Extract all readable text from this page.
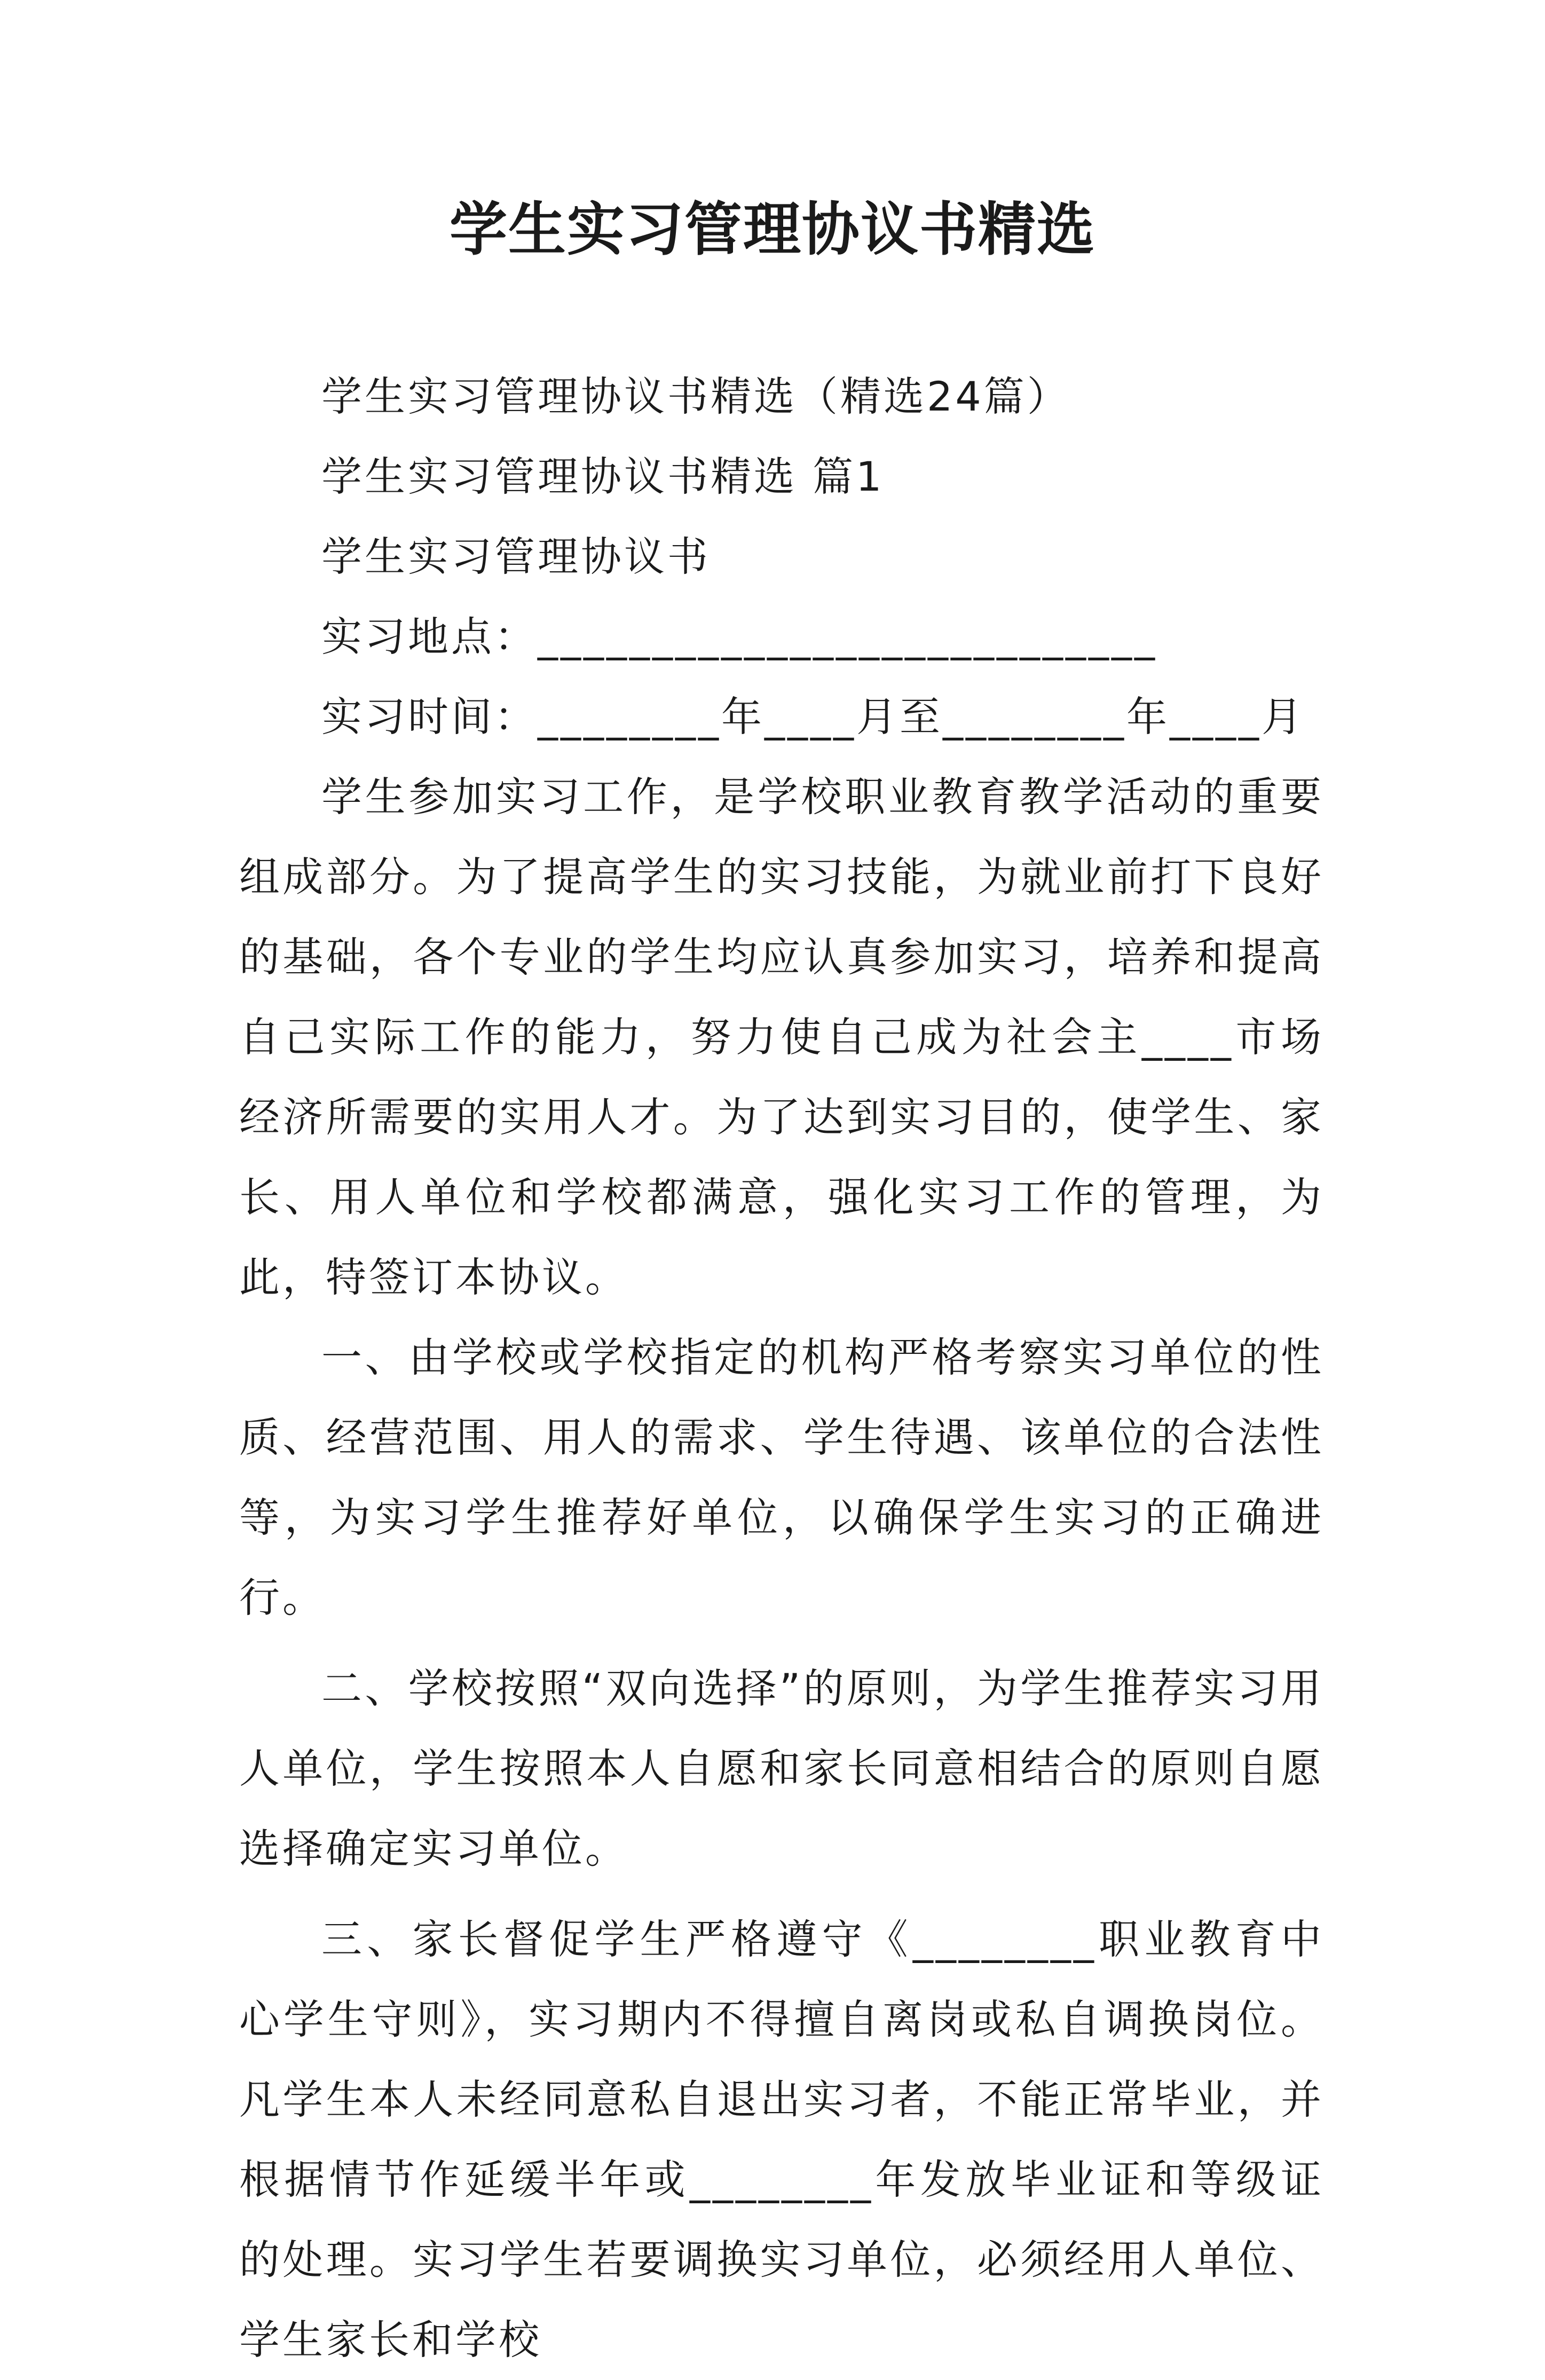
学生实习管理协议书精选

学生实习管理协议书精选（精选24篇）

学生实习管理协议书精选 篇1

学生实习管理协议书

实习地点：___________________________

实习时间：________年____月至________年____月

学生参加实习工作，是学校职业教育教学活动的重要组成部分。为了提高学生的实习技能，为就业前打下良好的基础，各个专业的学生均应认真参加实习，培养和提高自己实际工作的能力，努力使自己成为社会主____市场经济所需要的实用人才。为了达到实习目的，使学生、家长、用人单位和学校都满意，强化实习工作的管理，为此，特签订本协议。

一、由学校或学校指定的机构严格考察实习单位的性质、经营范围、用人的需求、学生待遇、该单位的合法性等，为实习学生推荐好单位，以确保学生实习的正确进行。

二、学校按照“双向选择”的原则，为学生推荐实习用人单位，学生按照本人自愿和家长同意相结合的原则自愿选择确定实习单位。

三、家长督促学生严格遵守《________职业教育中心学生守则》，实习期内不得擅自离岗或私自调换岗位。凡学生本人未经同意私自退出实习者，不能正常毕业，并根据情节作延缓半年或________年发放毕业证和等级证的处理。实习学生若要调换实习单位，必须经用人单位、学生家长和学校
